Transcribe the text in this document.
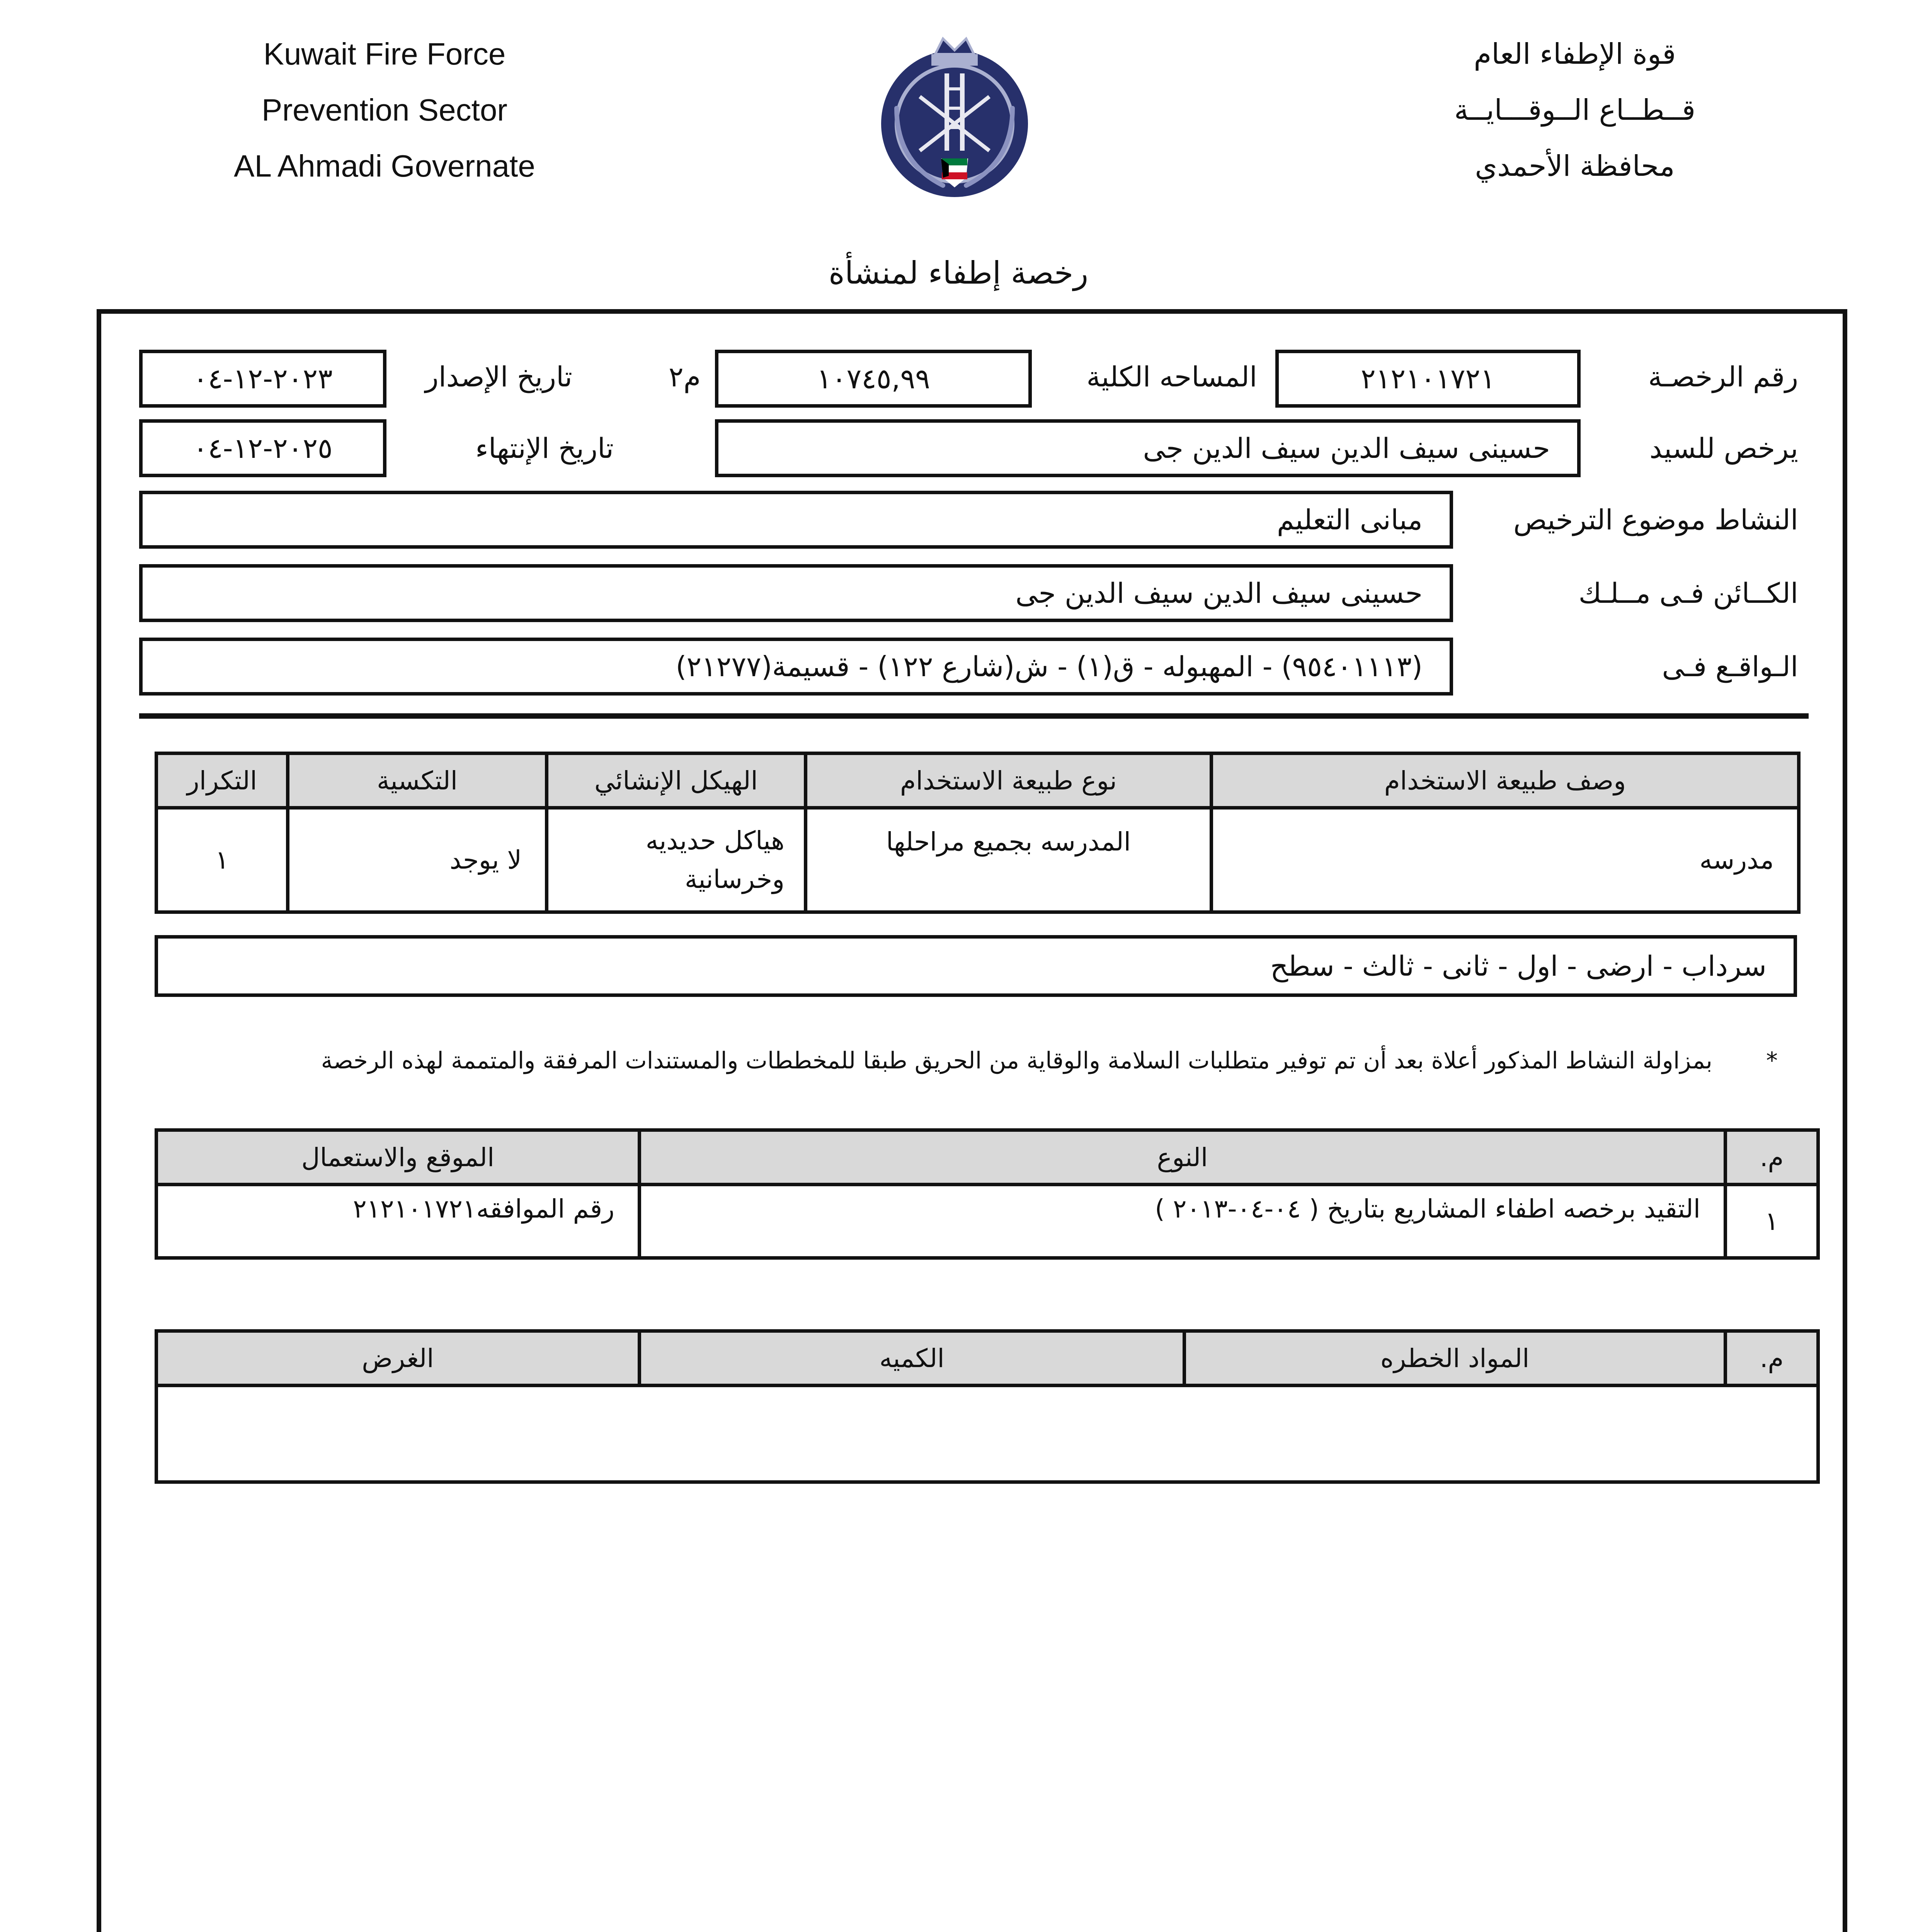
Kuwait Fire Force
Prevention Sector
AL Ahmadi Governate
قوة الإطفاء العام
قــطــاع الــوقـــايــة
محافظة الأحمدي
رخصة إطفاء لمنشأة
رقم الرخصـة
٢١٢١٠١٧٢١
المساحه الكلية
١٠٧٤٥,٩٩
م٢
تاريخ الإصدار
٢٠٢٣-١٢-٠٤
يرخص للسيد
حسينى سيف الدين سيف الدين جى
تاريخ الإنتهاء
٢٠٢٥-١٢-٠٤
النشاط موضوع الترخيص
مبانى التعليم
الكــائن فـى مــلـك
حسينى سيف الدين سيف الدين جى
الـواقـع فـى
(٩٥٤٠١١١٣) - المهبوله - ق(١) - ش(شارع ١٢٢) - قسيمة(٢١٢٧٧)
وصف طبيعة الاستخدام	نوع طبيعة الاستخدام	الهيكل الإنشائي	التكسية	التكرار
مدرسه	المدرسه بجميع مراحلها	هياكل حديديه وخرسانية	لا يوجد	١
سرداب - ارضى - اول - ثانى - ثالث - سطح
* بمزاولة النشاط المذكور أعلاة بعد أن تم توفير متطلبات السلامة والوقاية من الحريق طبقا للمخططات والمستندات المرفقة والمتممة لهذه الرخصة
م.	النوع	الموقع والاستعمال
١	التقيد برخصه اطفاء المشاريع بتاريخ ( ٠٤-٠٤-٢٠١٣ )	رقم الموافقه٢١٢١٠١٧٢١
م.	المواد الخطره	الكميه	الغرض
